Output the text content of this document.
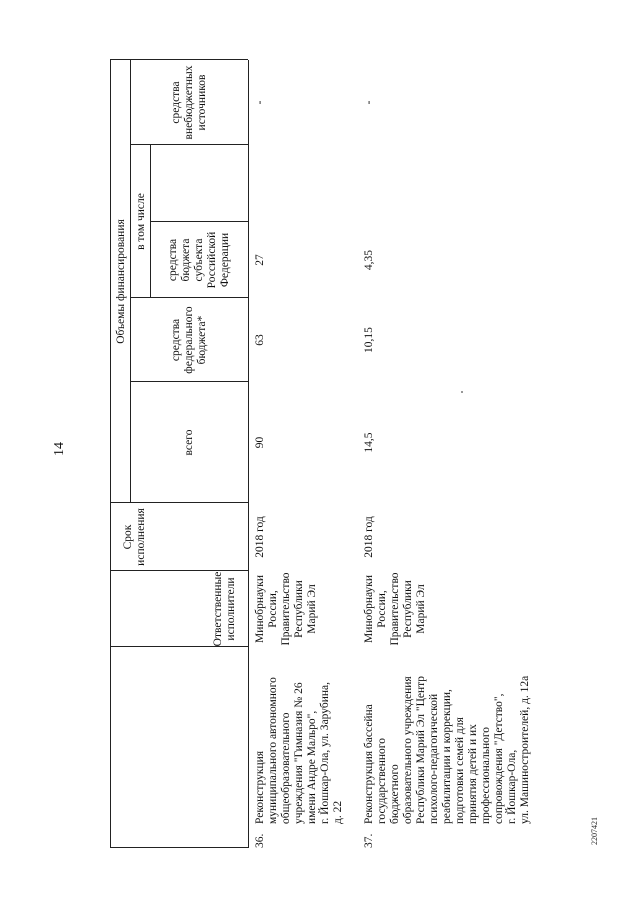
14
2207421
Ответственные
исполнители
Срок
исполнения
Объемы финансирования
всего
средства
федерального
бюджета*
в том числе
средства
бюджета
субъекта
Российской
Федерации
средства
внебюджетных
источников
36.
Реконструкция
муниципального автономного
общеобразовательного
учреждения "Гимназия № 26
имени Андре Мальро",
г. Йошкар-Ола, ул. Зарубина,
д. 22
Минобрнауки
России,
Правительство
Республики
Марий Эл
2018 год
90
63
27
-
37.
Реконструкция бассейна
государственного
бюджетного
образовательного учреждения
Республики Марий Эл "Центр
психолого-педагогической
реабилитации и коррекции,
подготовки семей для
принятия детей и их
профессионального
сопровождения "Детство",
г. Йошкар-Ола,
ул. Машиностроителей, д. 12а
Минобрнауки
России,
Правительство
Республики
Марий Эл
2018 год
14,5
10,15
4,35
-
